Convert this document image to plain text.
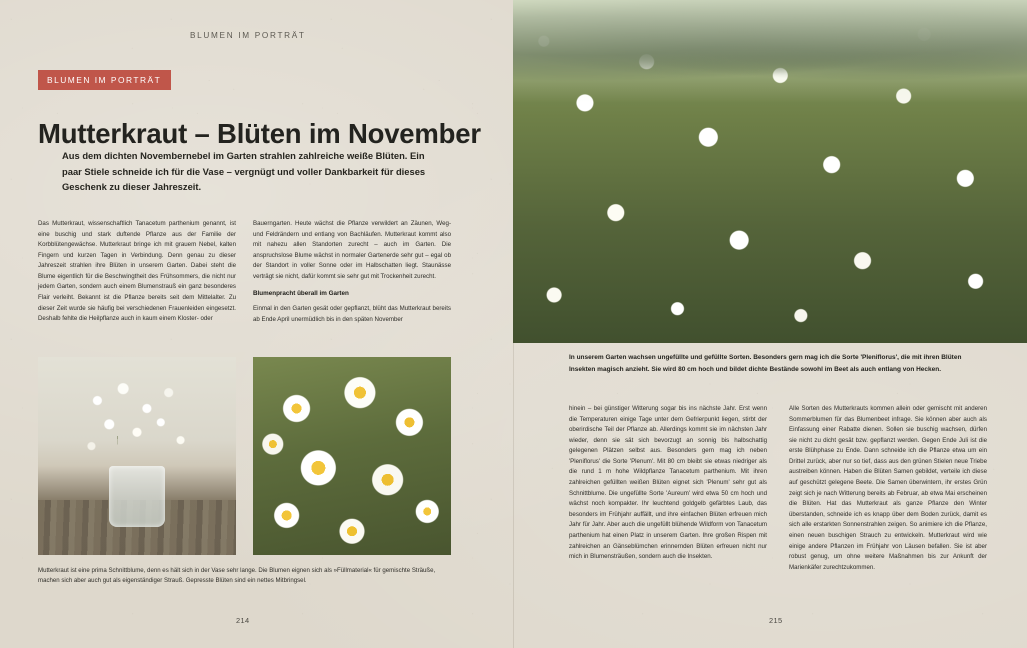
BLUMEN IM PORTRÄT
BLUMEN IM PORTRÄT
Mutterkraut – Blüten im November
Aus dem dichten Novembernebel im Garten strahlen zahlreiche weiße Blüten. Ein paar Stiele schneide ich für die Vase – vergnügt und voller Dankbarkeit für dieses Geschenk zu dieser Jahreszeit.

Das Mutterkraut, wissenschaftlich Tanacetum parthenium genannt, ist eine buschig und stark duftende Pflanze aus der Familie der Korbblütengewächse. Mutterkraut bringe ich mit grauem Nebel, kalten Fingern und kurzen Tagen in Verbindung. Denn genau zu dieser Jahreszeit strahlen ihre Blüten in unserem Garten. Dabei steht die Blume eigentlich für die Beschwingtheit des Frühsommers, die nicht nur jedem Garten, sondern auch einem Blumenstrauß ein ganz besonderes Flair verleiht. Bekannt ist die Pflanze bereits seit dem Mittelalter. Zu dieser Zeit wurde sie häufig bei verschiedenen Frauenleiden eingesetzt. Deshalb fehlte die Heilpflanze auch in kaum einem Kloster- oder

Bauerngarten. Heute wächst die Pflanze verwildert an Zäunen, Weg- und Feldrändern und entlang von Bachläufen. Mutterkraut kommt also mit nahezu allen Standorten zurecht – auch im Garten. Die anspruchslose Blume wächst in normaler Gartenerde sehr gut – egal ob der Standort in voller Sonne oder im Halbschatten liegt. Staunässe verträgt sie nicht, dafür kommt sie sehr gut mit Trockenheit zurecht.

Blumenpracht überall im Garten

Einmal in den Garten gesät oder gepflanzt, blüht das Mutterkraut bereits ab Ende April unermüdlich bis in den späten November

Mutterkraut ist eine prima Schnittblume, denn es hält sich in der Vase sehr lange. Die Blumen eignen sich als »Füllmaterial« für gemischte Sträuße, machen sich aber auch gut als eigenständiger Strauß. Gepresste Blüten sind ein nettes Mitbringsel.
214
In unserem Garten wachsen ungefüllte und gefüllte Sorten. Besonders gern mag ich die Sorte 'Pleniflorus', die mit ihren Blüten Insekten magisch anzieht. Sie wird 80 cm hoch und bildet dichte Bestände sowohl im Beet als auch entlang von Hecken.

hinein – bei günstiger Witterung sogar bis ins nächste Jahr. Erst wenn die Temperaturen einige Tage unter dem Gefrierpunkt liegen, stirbt der oberirdische Teil der Pflanze ab. Allerdings kommt sie im nächsten Jahr wieder, denn sie sät sich bevorzugt an sonnig bis halbschattig gelegenen Plätzen selbst aus. Besonders gern mag ich neben 'Pleniflorus' die Sorte 'Plenum'. Mit 80 cm bleibt sie etwas niedriger als die rund 1 m hohe Wildpflanze Tanacetum parthenium. Mit ihren zahlreichen gefüllten weißen Blüten eignet sich 'Plenum' sehr gut als Schnittblume. Die ungefüllte Sorte 'Aureum' wird etwa 50 cm hoch und wächst noch kompakter. Ihr leuchtend goldgelb gefärbtes Laub, das besonders im Frühjahr auffällt, und ihre einfachen Blüten erfreuen mich Jahr für Jahr. Aber auch die ungefüllt blühende Wildform von Tanacetum parthenium hat einen Platz in unserem Garten. Ihre großen Rispen mit zahlreichen an Gänseblümchen erinnernden Blüten erfreuen nicht nur mich in Blumensträußen, sondern auch die Insekten.

Alle Sorten des Mutterkrauts kommen allein oder gemischt mit anderen Sommerblumen für das Blumenbeet infrage. Sie können aber auch als Einfassung einer Rabatte dienen. Sollen sie buschig wachsen, dürfen sie nicht zu dicht gesät bzw. gepflanzt werden. Gegen Ende Juli ist die erste Blühphase zu Ende. Dann schneide ich die Pflanze etwa um ein Drittel zurück, aber nur so tief, dass aus den grünen Stielen neue Triebe austreiben können. Haben die Blüten Samen gebildet, verteile ich diese auf geschützt gelegene Beete. Die Samen überwintern, ihr erstes Grün zeigt sich je nach Witterung bereits ab Februar, ab etwa Mai erscheinen die Blüten. Hat das Mutterkraut als ganze Pflanze den Winter überstanden, schneide ich es knapp über dem Boden zurück, damit es sich alle erstarkten Sonnenstrahlen zeigen. So animiere ich die Pflanze, einen neuen buschigen Strauch zu entwickeln. Mutterkraut wird wie einige andere Pflanzen im Frühjahr von Läusen befallen. Sie ist aber robust genug, um ohne weitere Maßnahmen bis zur Ankunft der Marienkäfer zurechtzukommen.

215
